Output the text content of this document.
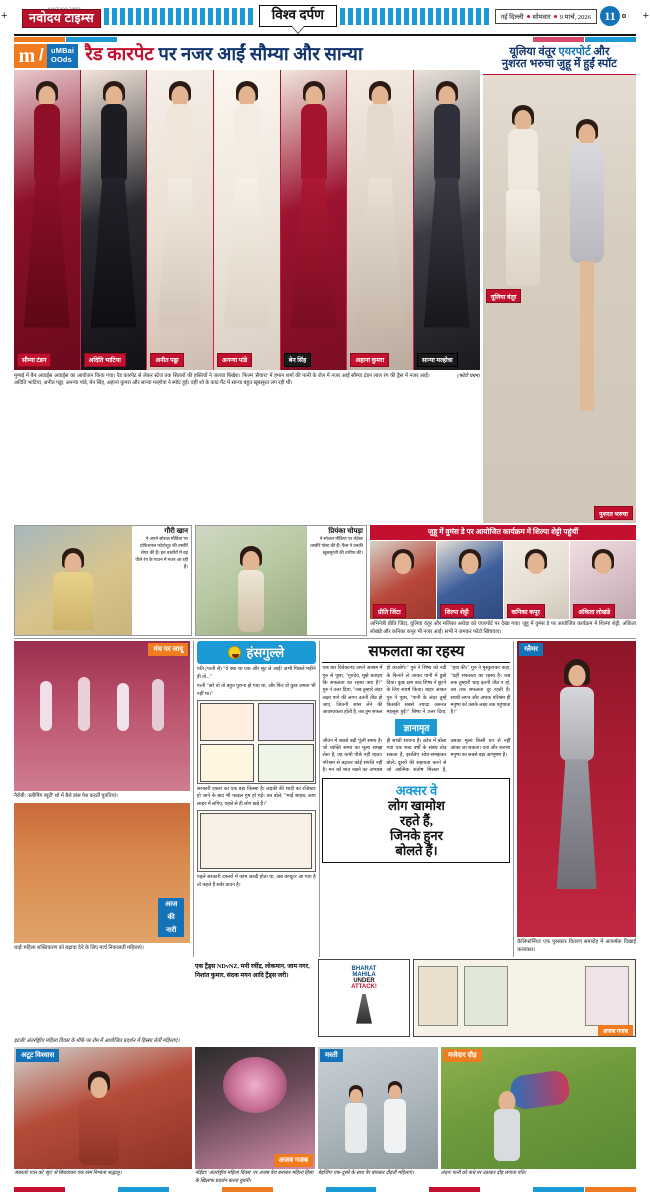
+	+
NAVODAYA TIMES
नवोदय टाइम्स	विश्व दर्पण	नई दिल्ली सोमवार 9 मार्च, 2026	11
m /	uMBai
OOds रैड कारपेट पर नजर आईं सौम्या और सान्या
सौम्या टंडन	अदिति भाटिया	अनीत पड्डा	अनन्या पांडे	बेन सिंह	अहाना कुमरा	सान्या मल्होत्रा
मुम्बई में बैन अवार्ड्स अवार्ड्स का आयोजन किया गया। रैड कारपेट से लेकर स्टेज तक सितारों की हस्तियों ने जलवा बिखेरा। फिल्म 'सैयारा' में हमान शर्मा की पत्नी के रोल में नजर आईं सौम्या टंडन लाल रंग की ड्रैस में नजर आईं। अदिति भाटिया, अनीत पड्डा, अनन्या पांडे, बेन सिंह, अहाना कुमरा और सान्या मल्होत्रा ने स्पॉट हुईं। वहीं शो के कांट-पैंट में सान्या बहुत खूबसूरत लग रही थीं।
(फोटो चयन)
यूलिया वंतूर एयरपोर्ट और
नुशरत भरुचा जुहू में हुईं स्पॉट
नुशरत भरुचा
यूलिया वंतूर
गौरी खान
ने अपने सोशल मीडिया पर प्रोफैशनल फोटोशूट की तस्वीरें शेयर की हैं। इन तस्वीरों में वह पीले रंग के गाउन में नजर आ रही हैं।
प्रियंका चोपड़ा
ने सोशल मीडिया पर लेटेस्ट तस्वीरें पोस्ट की हैं। फैंस ने उनकी खूबसूरती की तारीफ की।
जुहू में वुमंस डे पर आयोजित कार्यक्रम में शिल्पा शेट्टी पहुंचीं
प्रीति जिंटा	शिल्पा शेट्टी	कनिका कपूर	अंकिता लोखंडे
अभिनेत्री प्रीति जिंटा, यूलिया वंतूर और मलिका अरोड़ा को एयरपोर्ट पर देखा गया। जुहू में वुमंस डे पर आयोजित कार्यक्रम में शिल्पा शेट्टी, अंकिता लोखंडे और कनिका कपूर भी नजर आईं। सभी ने जमकर फोटो खिंचवाए।
मंच पर जादू
नैरोबी: 'स्लीपिंग ब्यूटी' शो में बैले डांस पेश करतीं युवतियां।
आज
की
नारी
थाईः महिला शक्तिकरण को बढ़ावा देने के लिए मार्च निकालतीं महिलाएं।
हंसगुल्ले
पति (पत्नी से) "ये क्या था एक और सूट ले आईं! अभी पिछले महीने ही तो..."
पत्नी "अरे वो तो बहुत पुराना हो गया था, और फिर वो कुछ जमता भी नहीं था।"
सरकारी दफ्तर का एक बड़ा किस्सा है। लड़की की शादी का रजिस्टर हो जाने के बाद भी फाइल गुम हो गई। तब बोले, "भाई साहब, आप लाइन में लगिए, पहले से ही लोग खड़े हैं।"
पहले सरकारी दफ्तरों में काम जल्दी होता था, अब कंप्यूटर आ गया है तो कहते हैं सर्वर डाउन है।
सफलता का रहस्य
एक बार विवेकानंद अपने आश्रम में गुरु से पूछा, "गुरुदेव, मुझे बताइए कि सफलता का रहस्य क्या है?" गुरु ने उत्तर दिया, "जब तुम्हारे अंदर लक्ष्य पाने की लगन उतनी तीव्र हो जाए, जितनी सांस लेने की आवश्यकता होती है, तब तुम सफल हो जाओगे।" गुरु ने शिष्य को नदी के किनारे ले जाकर पानी में डुबो दिया। कुछ क्षण बाद शिष्य ने छूटने के लिए संघर्ष किया। बाहर आकर गुरु ने पूछा, "पानी के अंदर तुम्हें किसकी सबसे ज्यादा जरूरत महसूस हुई?" शिष्य ने उत्तर दिया, "हवा की।" गुरु ने मुस्कुराकर कहा, "यही सफलता का रहस्य है। जब तक तुम्हारी चाह इतनी तीव्र न हो, तब तक सफलता दूर रहती है। सच्ची लगन और अथक परिश्रम ही मनुष्य को उसके लक्ष्य तक पहुंचाता है।"
ज्ञानामृत
जीवन में सबसे बड़ी पूंजी समय है। जो व्यक्ति समय का मूल्य समझ लेता है, वह कभी पीछे नहीं रहता। परिश्रम से बढ़कर कोई संपत्ति नहीं है। मन को शांत रखने का अभ्यास ही सच्ची साधना है। क्रोध में बोला गया एक शब्द वर्षों के संबंध तोड़ सकता है, इसलिए सोच-समझकर बोलें। दूसरों की सहायता करने से जो आत्मिक संतोष मिलता है, उसका मूल्य किसी धन से नहीं आंका जा सकता। दया और करुणा मनुष्य का सबसे बड़ा आभूषण है।
अक्सर वे
लोग खामोश
रहते हैं,
जिनके हुनर
बोलते हैं।
ग्लैमर
कैलिफोर्नियाः एक पुरस्कार वितरण समारोह में आकर्षक दिखाईं कलाकार।
एक ट्रैंड्स NDvNZ, मनी रवींद्र, लोकमान, जाम नगर, निशांत कुमार, संदक मयन आदि ट्रैंड्स जरी।
BHARAT
MAHILA
UNDER
ATTACK!
अजब गजब
इटलीः अंतर्राष्ट्रीय महिला दिवस के मौके पर रोम में आयोजित प्रदर्शन में हिस्सा लेतीं महिलाएं।
अटूट विश्वास
अजब गजब
मस्ती	मजेदार दौड़
जकार्ताः गाल को 'सूए' से बिंधवाकर एक रस्म निभाता श्रद्धालु।	नोईडाः 'अंतर्राष्ट्रीय महिला दिवस' पर अजब वेश बनाकर महिला हिंसा के खिलाफ प्रदर्शन करता युवती।
बेइजिंगः एक-दूसरे के साथ पैर बांधकर दौड़तीं महिलाएं।	लंदनः पत्नी को कंधे पर उठाकर दौड़ लगाता पति।
